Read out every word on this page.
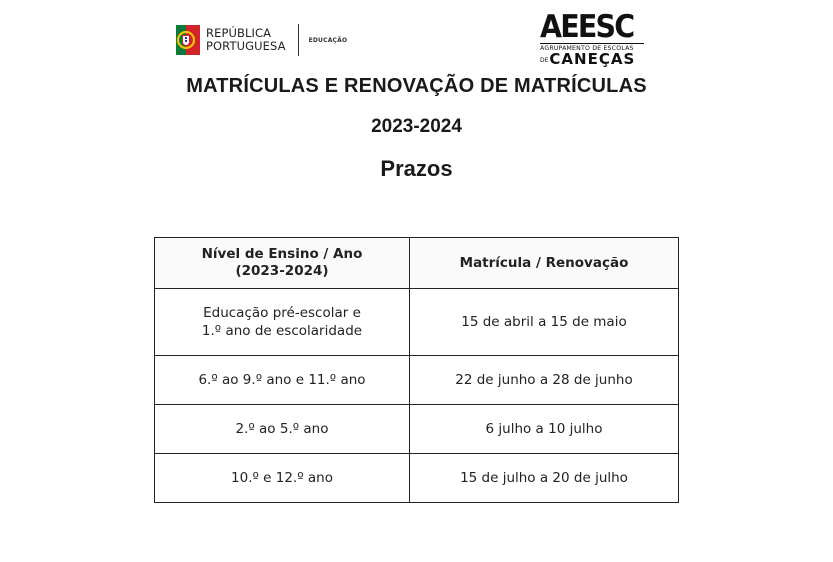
REPÚBLICA
PORTUGUESA	EDUCAÇÃO	AEESC
AGRUPAMENTO DE ESCOLAS
DECANEÇAS
MATRÍCULAS E RENOVAÇÃO DE MATRÍCULAS
2023-2024
Prazos
Nível de Ensino / Ano
(2023-2024)	Matrícula / Renovação

Educação pré-escolar e
1.º ano de escolaridade	15 de abril a 15 de maio
6.º ao 9.º ano e 11.º ano	22 de junho a 28 de junho
2.º ao 5.º ano	6 julho a 10 julho
10.º e 12.º ano	15 de julho a 20 de julho
